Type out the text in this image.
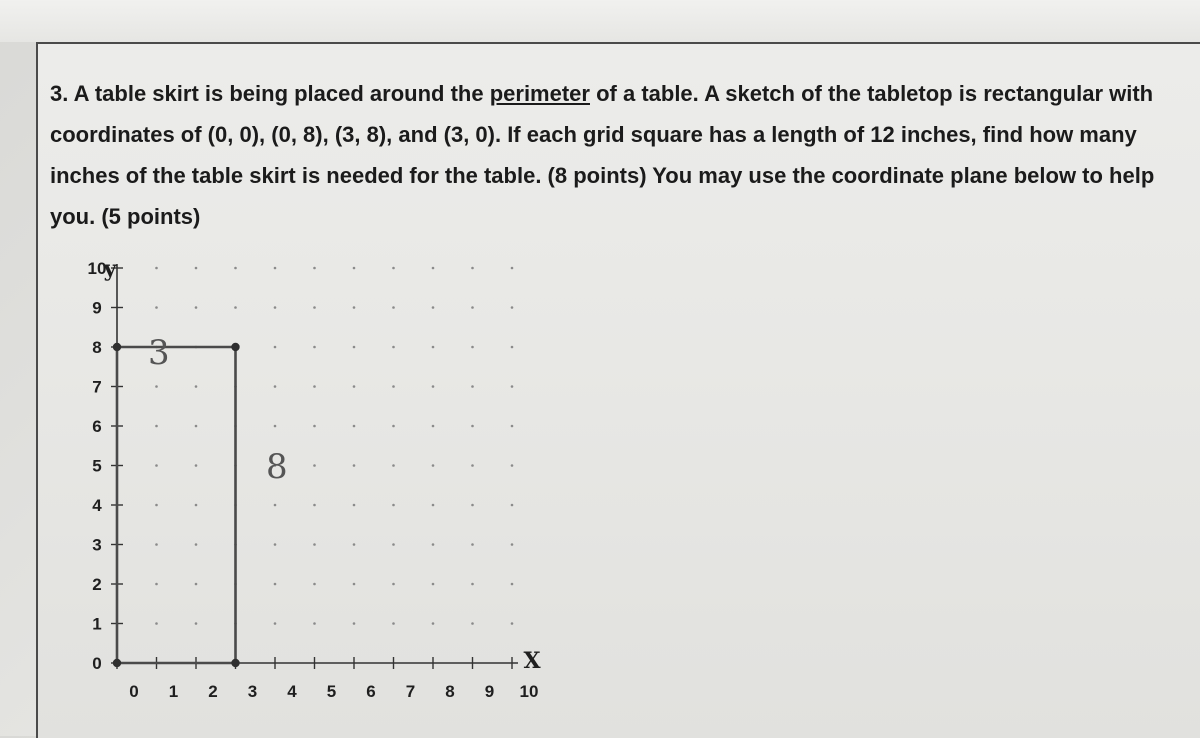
3. A table skirt is being placed around the perimeter of a table. A sketch of the tabletop is rectangular with coordinates of (0, 0), (0, 8), (3, 8), and (3, 0). If each grid square has a length of 12 inches, find how many inches of the table skirt is needed for the table. (8 points) You may use the coordinate plane below to help you. (5 points)

0 1 2 3 4 5 6 7 8 9 10
0
1
2
3
4
5
6
7
8
9
10
y
X
3
8
